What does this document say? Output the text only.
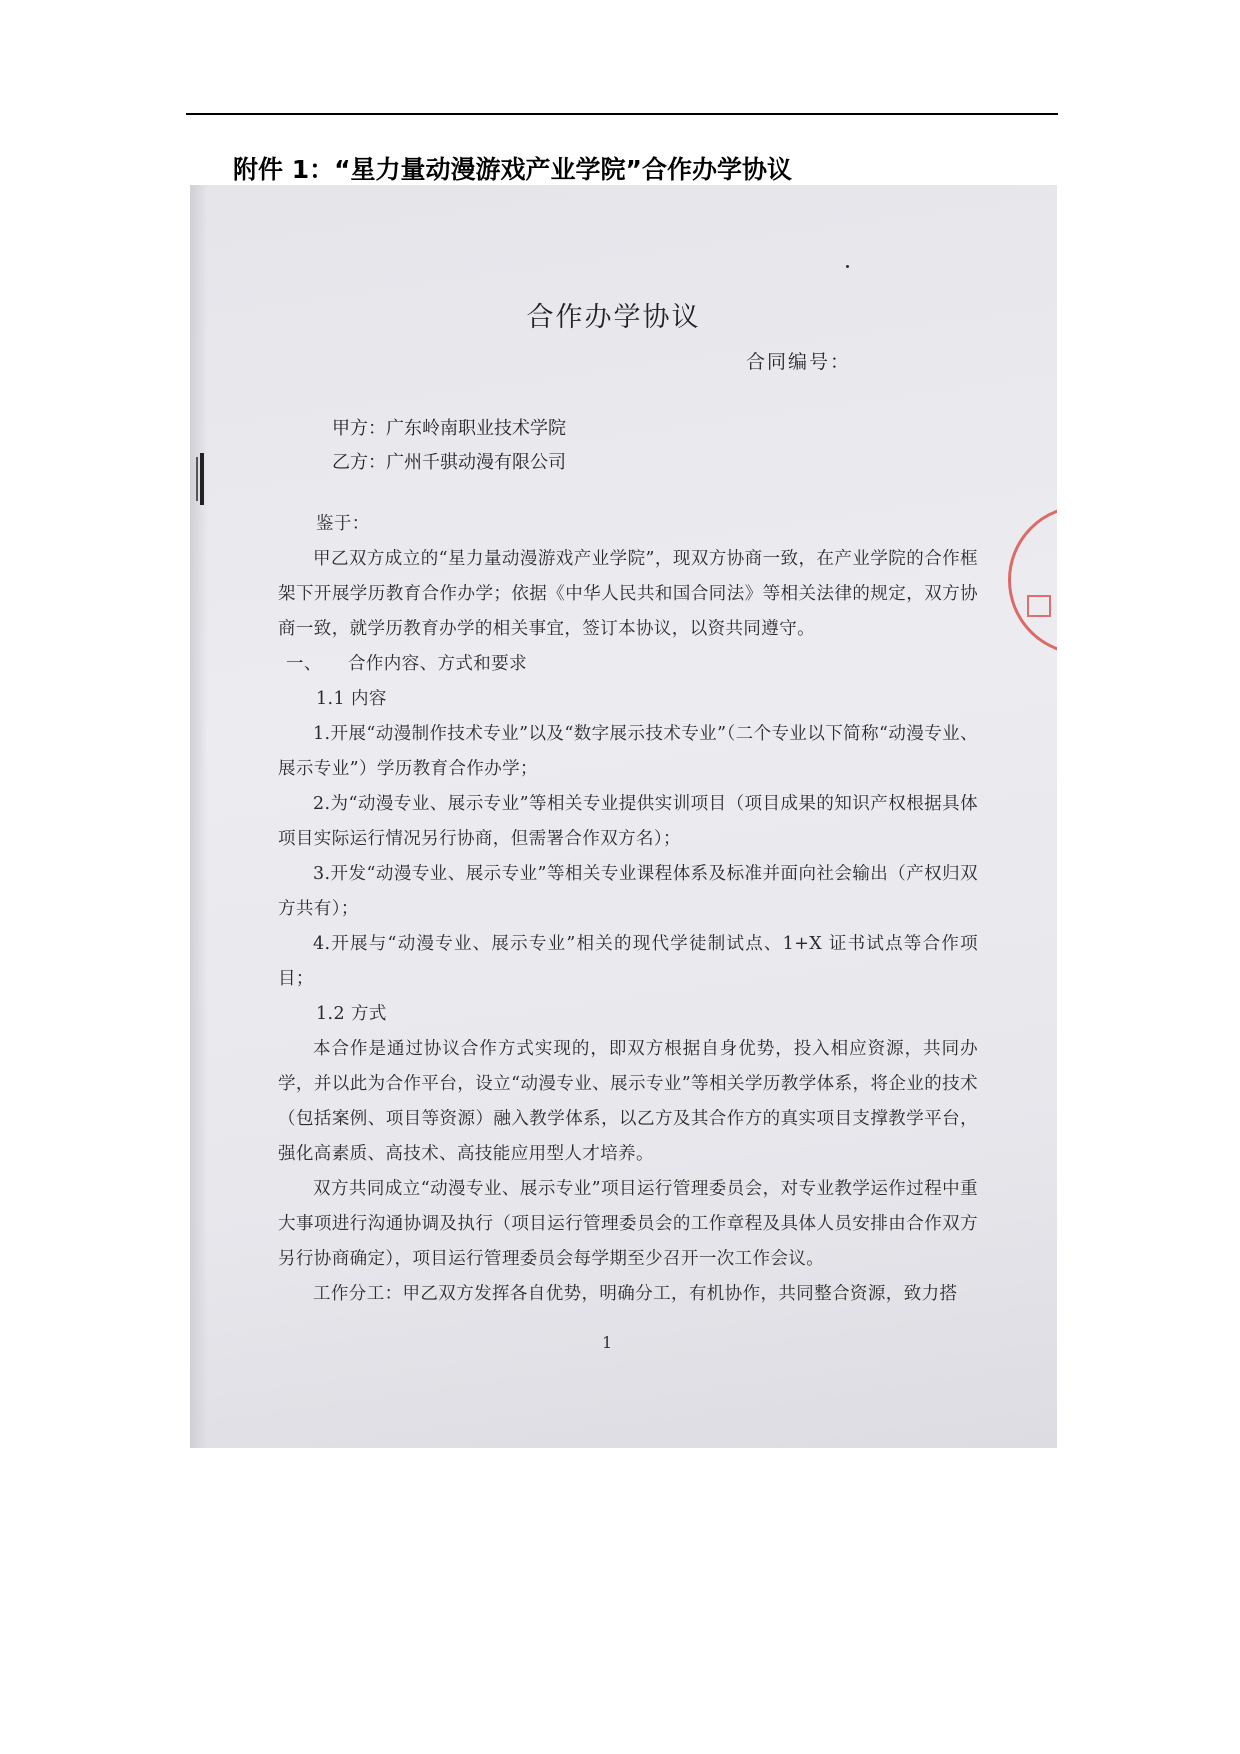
附件 1：“星力量动漫游戏产业学院”合作办学协议
合作办学协议
合同编号：
甲方：广东岭南职业技术学院
乙方：广州千骐动漫有限公司

鉴于：

甲乙双方成立的“星力量动漫游戏产业学院”，现双方协商一致，在产业学院的合作框架下开展学历教育合作办学；依据《中华人民共和国合同法》等相关法律的规定，双方协商一致，就学历教育办学的相关事宜，签订本协议，以资共同遵守。

一、	合作内容、方式和要求

1.1 内容

1.开展“动漫制作技术专业”以及“数字展示技术专业”（二个专业以下简称“动漫专业、展示专业”）学历教育合作办学；

2.为“动漫专业、展示专业”等相关专业提供实训项目（项目成果的知识产权根据具体项目实际运行情况另行协商，但需署合作双方名）；

3.开发“动漫专业、展示专业”等相关专业课程体系及标准并面向社会输出（产权归双方共有）；

4.开展与“动漫专业、展示专业”相关的现代学徒制试点、1+X 证书试点等合作项目；

1.2 方式

本合作是通过协议合作方式实现的，即双方根据自身优势，投入相应资源，共同办学，并以此为合作平台，设立“动漫专业、展示专业”等相关学历教学体系，将企业的技术（包括案例、项目等资源）融入教学体系，以乙方及其合作方的真实项目支撑教学平台，强化高素质、高技术、高技能应用型人才培养。

双方共同成立“动漫专业、展示专业”项目运行管理委员会，对专业教学运作过程中重大事项进行沟通协调及执行（项目运行管理委员会的工作章程及具体人员安排由合作双方另行协商确定），项目运行管理委员会每学期至少召开一次工作会议。

工作分工：甲乙双方发挥各自优势，明确分工，有机协作，共同整合资源，致力搭

1
